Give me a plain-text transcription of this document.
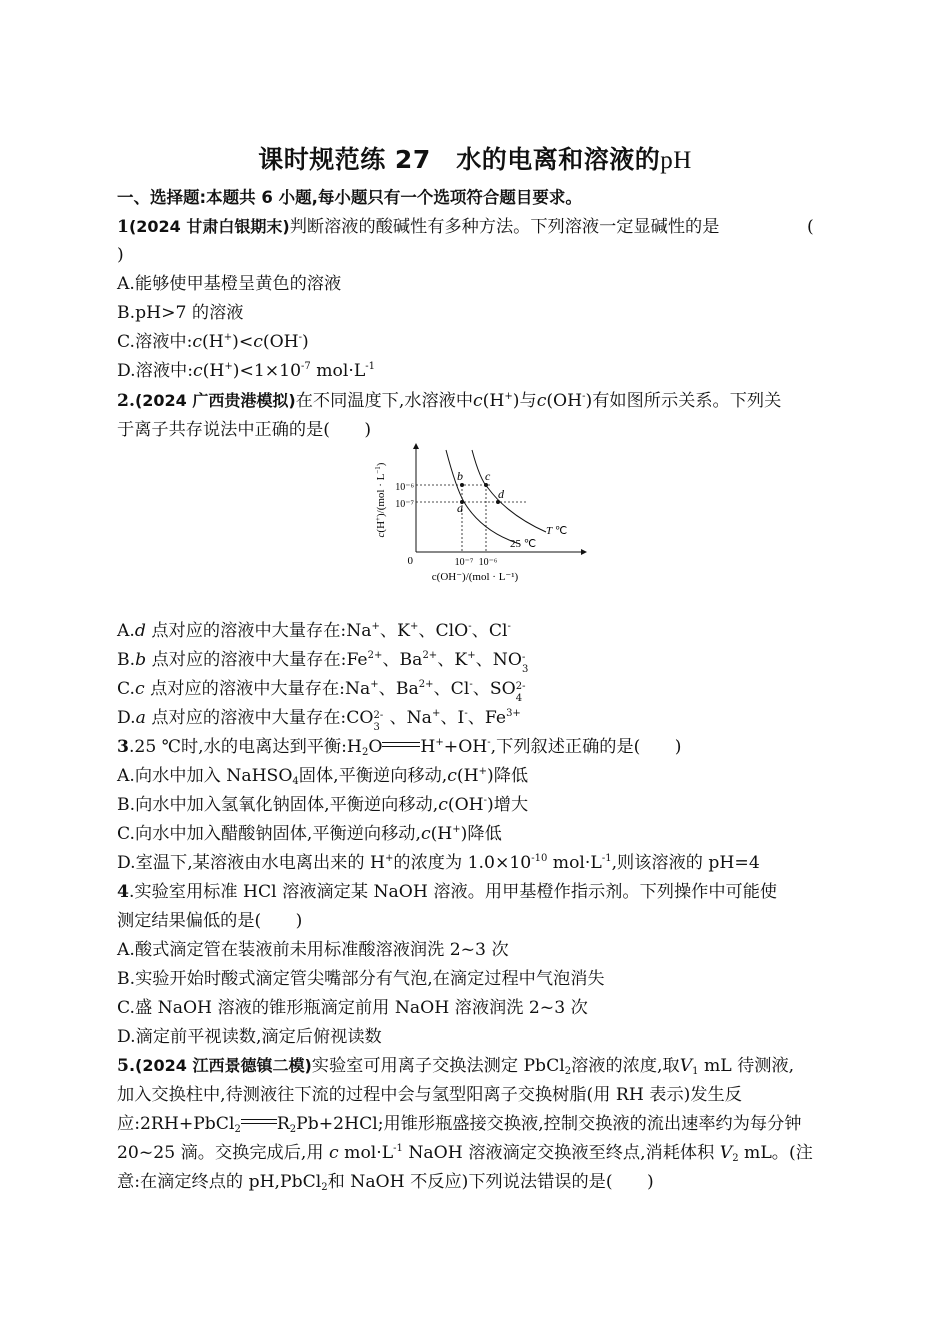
课时规范练 27　水的电离和溶液的pH
一、选择题:本题共 6 小题,每小题只有一个选项符合题目要求。
1(2024 甘肃白银期末)判断溶液的酸碱性有多种方法。下列溶液一定显碱性的是	(
)
A.能够使甲基橙呈黄色的溶液
B.pH>7 的溶液
C.溶液中:c(H+)<c(OH-)
D.溶液中$:c(H^+)<1\times 10^{-7}$ $mol\cdot L^{-1}$
2.(2024 广西贵港模拟)在不同温度下,水溶液中c(H+)与c(OH-)有如图所示关系。下列关
于离子共存说法中正确的是(　　)
$c(H^+)/(mol \cdot L^{-1})$
c(OH⁻)/(mol · L⁻¹)
0
10⁻⁶
10⁻⁷
10⁻⁷ 10⁻⁶
a
b c
d
25 ℃
T ℃
A.d 点对应的溶液中大量存在:Na+、K+、ClO-、Cl-
B.b 点对应的溶液中大量存在$:Fe^{2+}$、$Ba^{2+}$、K+、NO -
3
C.c 点对应的溶液中大量存在:Na+、$Ba^{2+}$、Cl-、SO 2-
4
D.a 点对应的溶液中大量存在:CO 2-
3 、Na+、I-、$Fe^{3+}$
3.25 ℃时,水的电离达到平衡$:H_2O$ H++OH-,下列叙述正确的是(　　)
A.向水中加入 NaHSO$_4$固体,平衡逆向移动,c(H+)降低
B.向水中加入氢氧化钠固体,平衡逆向移动,c(OH-)增大
C.向水中加入醋酸钠固体,平衡逆向移动,c(H+)降低
D.室温下,某溶液由水电离出来的 H+的浓度为 $1.0\times 10^{-10}$ $mol\cdot L^{-1}$,则该溶液的 pH=4
4.实验室用标准 HCl 溶液滴定某 NaOH 溶液。用甲基橙作指示剂。下列操作中可能使
测定结果偏低的是(　　)
A.酸式滴定管在装液前未用标准酸溶液润洗 2~3 次
B.实验开始时酸式滴定管尖嘴部分有气泡,在滴定过程中气泡消失
C.盛 NaOH 溶液的锥形瓶滴定前用 NaOH 溶液润洗 2~3 次
D.滴定前平视读数,滴定后俯视读数
5.(2024 江西景德镇二模)实验室可用离子交换法测定 PbCl$_2$溶液的浓度,取$V_1$ mL 待测液,
加入交换柱中,待测液往下流的过程中会与氢型阳离子交换树脂(用 RH 表示)发生反
应:2RH+PbCl$_2$ $R_2Pb+2HCl$;用锥形瓶盛接交换液,控制交换液的流出速率约为每分钟
20~25 滴。交换完成后,用 c $mol\cdot L^{-1}$ NaOH 溶液滴定交换液至终点,消耗体积 $V_2$ mL。(注
意:在滴定终点的 pH,PbCl$_2$和 NaOH 不反应)下列说法错误的是(　　)
